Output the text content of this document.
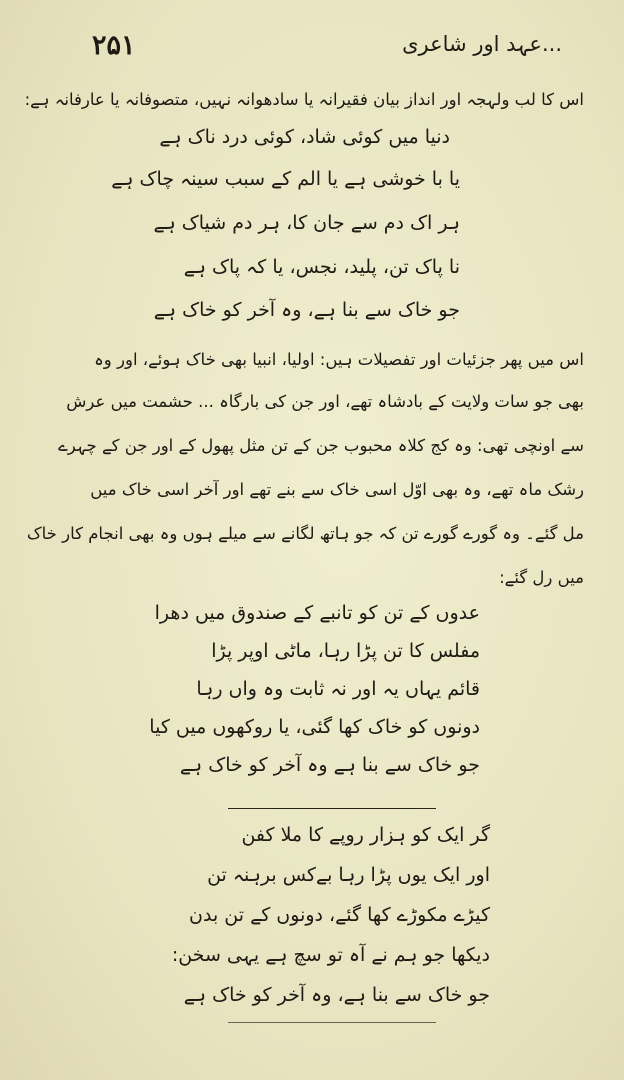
۲۵۱	...عہد اور شاعری
اس کا لب ولہجہ اور انداز بیان فقیرانہ یا سادھوانہ نہیں، متصوفانہ یا عارفانہ ہے:
دنیا میں کوئی شاد، کوئی درد ناک ہے
یا با خوشی ہے یا الم کے سبب سینہ چاک ہے
ہر اک دم سے جان کا، ہر دم شیاک ہے
نا پاک تن، پلید، نجس، یا کہ پاک ہے
جو خاک سے بنا ہے، وہ آخر کو خاک ہے
اس میں پھر جزئیات اور تفصیلات ہیں: اولیا، انبیا بھی خاک ہوئے، اور وہ
بھی جو سات ولایت کے بادشاہ تھے، اور جن کی بارگاہ ... حشمت میں عرش
سے اونچی تھی: وہ کج کلاہ محبوب جن کے تن مثل پھول کے اور جن کے چہرے
رشک ماہ تھے، وہ بھی اوّل اسی خاک سے بنے تھے اور آخر اسی خاک میں
مل گئے۔ وہ گورے گورے تن کہ جو ہاتھ لگانے سے میلے ہوں وہ بھی انجام کار خاک
میں رل گئے:
عدوں کے تن کو تانبے کے صندوق میں دھرا
مفلس کا تن پڑا رہا، ماٹی اوپر پڑا
قائم یہاں یہ اور نہ ثابت وہ واں رہا
دونوں کو خاک کھا گئی، یا روکھوں میں کیا
جو خاک سے بنا ہے وہ آخر کو خاک ہے
گر ایک کو ہزار روپے کا ملا کفن
اور ایک یوں پڑا رہا بےکس برہنہ تن
کیڑے مکوڑے کھا گئے، دونوں کے تن بدن
دیکھا جو ہم نے آہ تو سچ ہے یہی سخن:
جو خاک سے بنا ہے، وہ آخر کو خاک ہے
